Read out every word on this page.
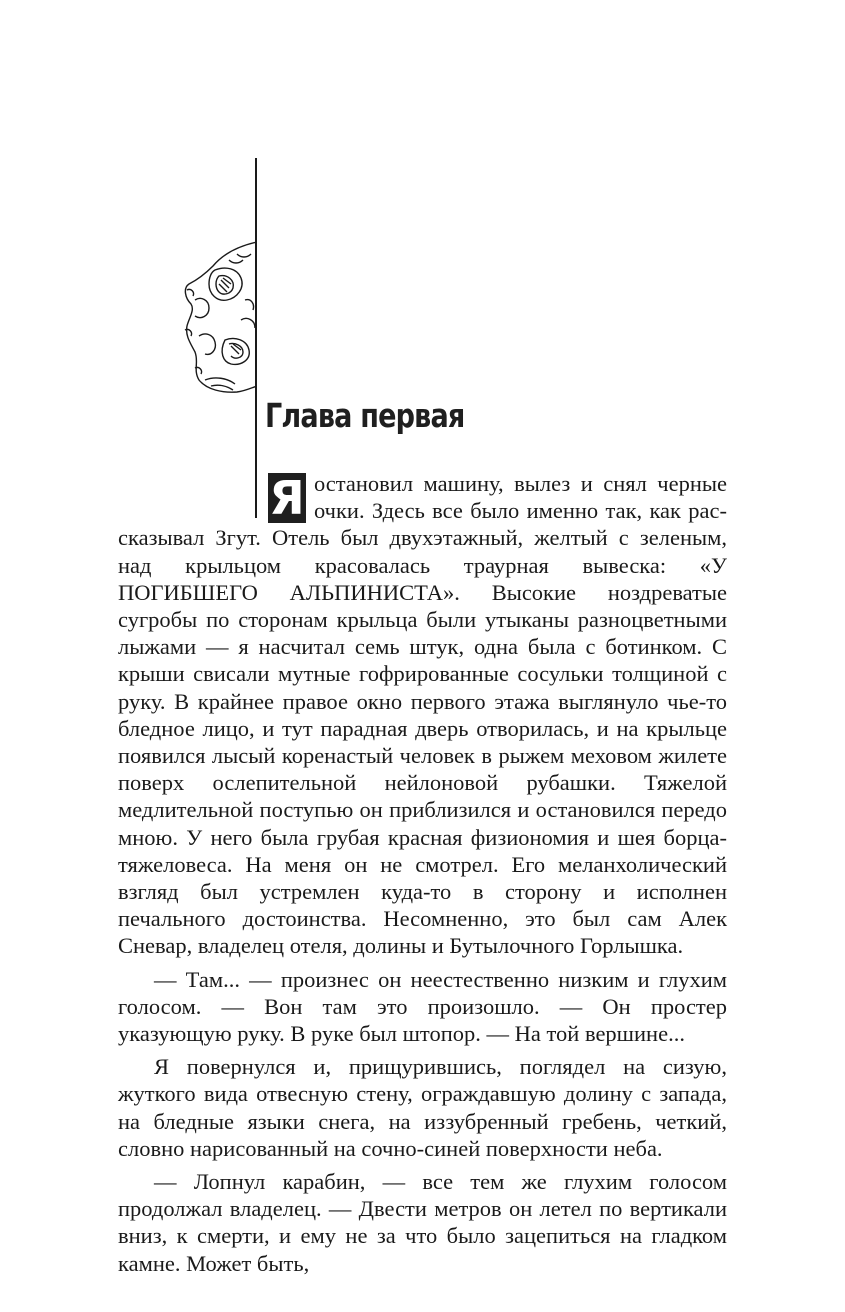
Глава первая

Я остановил машину, вылез и снял черные очки. Здесь все было именно так, как рассказывал Згут. Отель был двухэтажный, желтый с зеленым, над крыльцом красовалась траурная вывеска: «У ПОГИБШЕГО АЛЬПИНИСТА». Высокие ноздреватые сугробы по сторонам крыльца были утыканы разноцветными лыжами — я насчитал семь штук, одна была с ботинком. С крыши свисали мутные гофрированные сосульки толщиной с руку. В крайнее правое окно первого этажа выглянуло чье-то бледное лицо, и тут парадная дверь отворилась, и на крыльце появился лысый коренастый человек в рыжем меховом жилете поверх ослепительной нейлоновой рубашки. Тяжелой медлительной поступью он приблизился и остановился передо мною. У него была грубая красная физиономия и шея борца-тяжеловеса. На меня он не смотрел. Его меланхолический взгляд был устремлен куда-то в сторону и исполнен печального достоинства. Несомненно, это был сам Алек Сневар, владелец отеля, долины и Бутылочного Горлышка.

— Там... — произнес он неестественно низким и глухим голосом. — Вон там это произошло. — Он простер указующую руку. В руке был штопор. — На той вершине...

Я повернулся и, прищурившись, поглядел на сизую, жуткого вида отвесную стену, ограждавшую долину с запада, на бледные языки снега, на иззубренный гребень, четкий, словно нарисованный на сочно-синей поверхности неба.

— Лопнул карабин, — все тем же глухим голосом продолжал владелец. — Двести метров он летел по вертикали вниз, к смерти, и ему не за что было зацепиться на гладком камне. Может быть,
